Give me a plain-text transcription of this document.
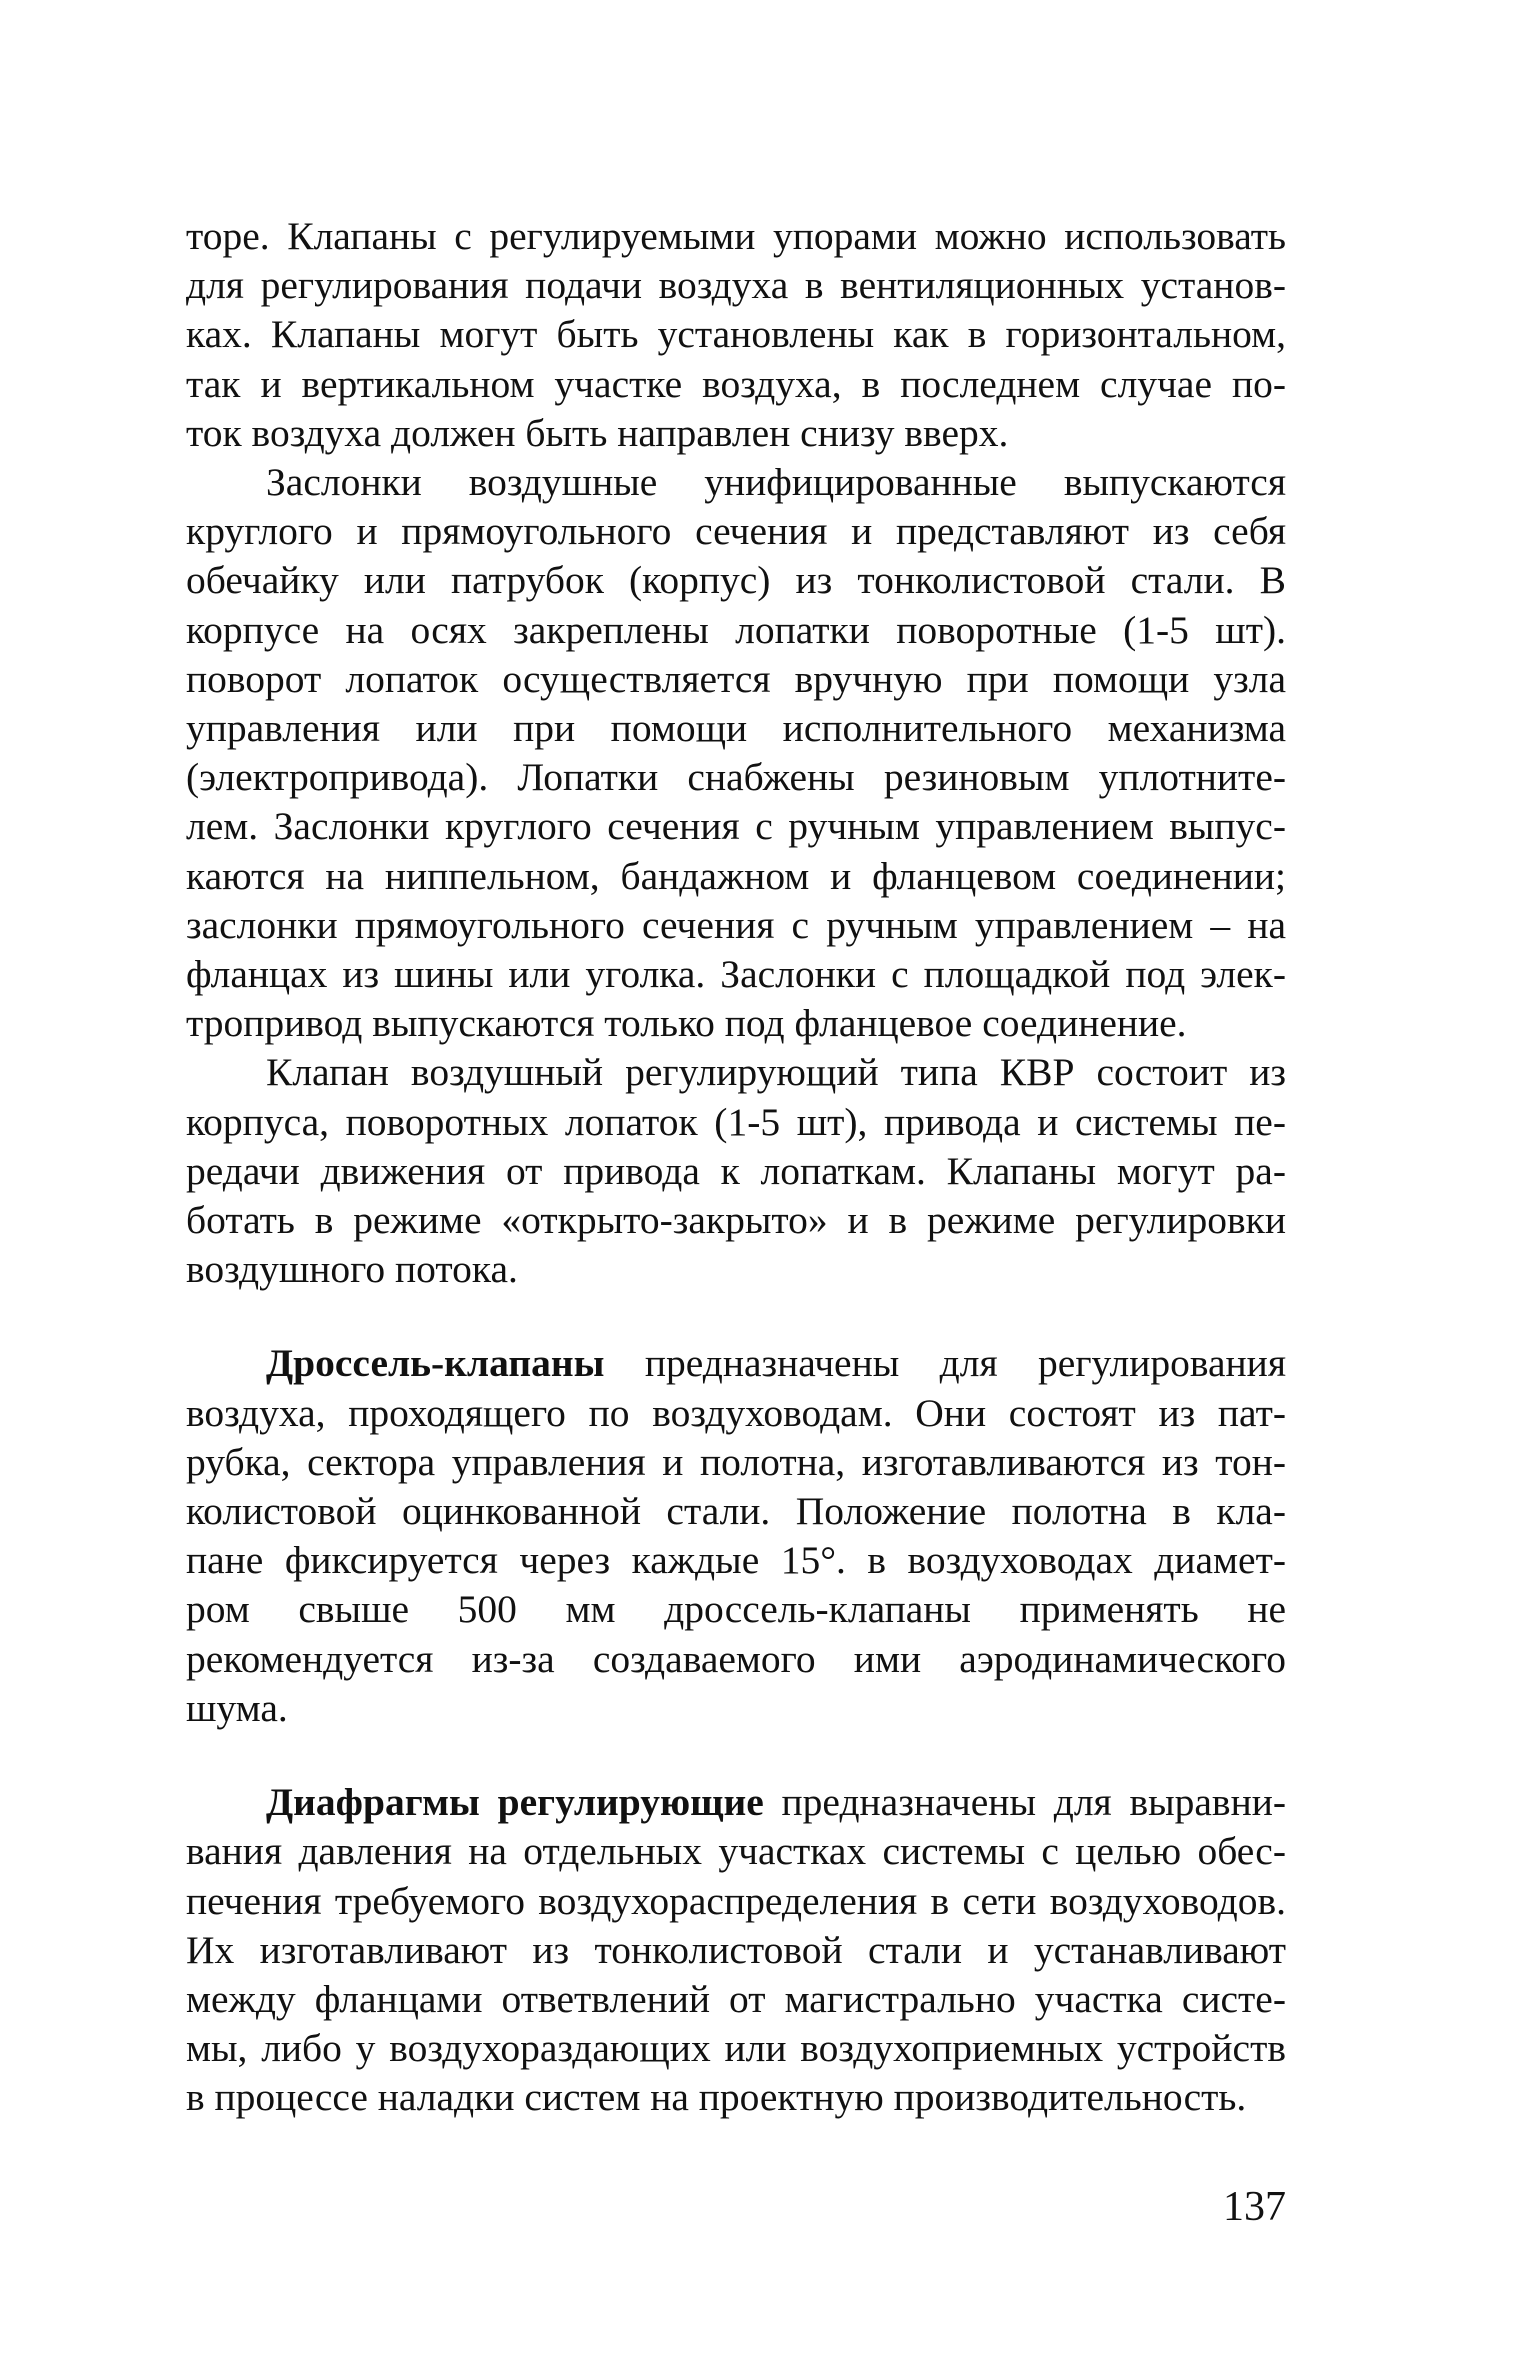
торе. Клапаны с регулируемыми упорами можно использовать
для регулирования подачи воздуха в вентиляционных установ-
ках. Клапаны могут быть установлены как в горизонтальном,
так и вертикальном участке воздуха, в последнем случае по-
ток воздуха должен быть направлен снизу вверх.

Заслонки воздушные унифицированные выпускаются
круглого и прямоугольного сечения и представляют из себя
обечайку или патрубок (корпус) из тонколистовой стали. В
корпусе на осях закреплены лопатки поворотные (1-5 шт).
поворот лопаток осуществляется вручную при помощи узла
управления или при помощи исполнительного механизма
(электропривода). Лопатки снабжены резиновым уплотните-
лем. Заслонки круглого сечения с ручным управлением выпус-
каются на ниппельном, бандажном и фланцевом соединении;
заслонки прямоугольного сечения с ручным управлением – на
фланцах из шины или уголка. Заслонки с площадкой под элек-
тропривод выпускаются только под фланцевое соединение.

Клапан воздушный регулирующий типа КВР состоит из
корпуса, поворотных лопаток (1-5 шт), привода и системы пе-
редачи движения от привода к лопаткам. Клапаны могут ра-
ботать в режиме «открыто-закрыто» и в режиме регулировки
воздушного потока.

Дроссель-клапаны предназначены для регулирования
воздуха, проходящего по воздуховодам. Они состоят из пат-
рубка, сектора управления и полотна, изготавливаются из тон-
колистовой оцинкованной стали. Положение полотна в кла-
пане фиксируется через каждые 15°. в воздуховодах диамет-
ром свыше 500 мм дроссель-клапаны применять не
рекомендуется из-за создаваемого ими аэродинамического
шума.

Диафрагмы регулирующие предназначены для выравни-
вания давления на отдельных участках системы с целью обес-
печения требуемого воздухораспределения в сети воздуховодов.
Их изготавливают из тонколистовой стали и устанавливают
между фланцами ответвлений от магистрально участка систе-
мы, либо у воздухораздающих или воздухоприемных устройств
в процессе наладки систем на проектную производительность.

137
